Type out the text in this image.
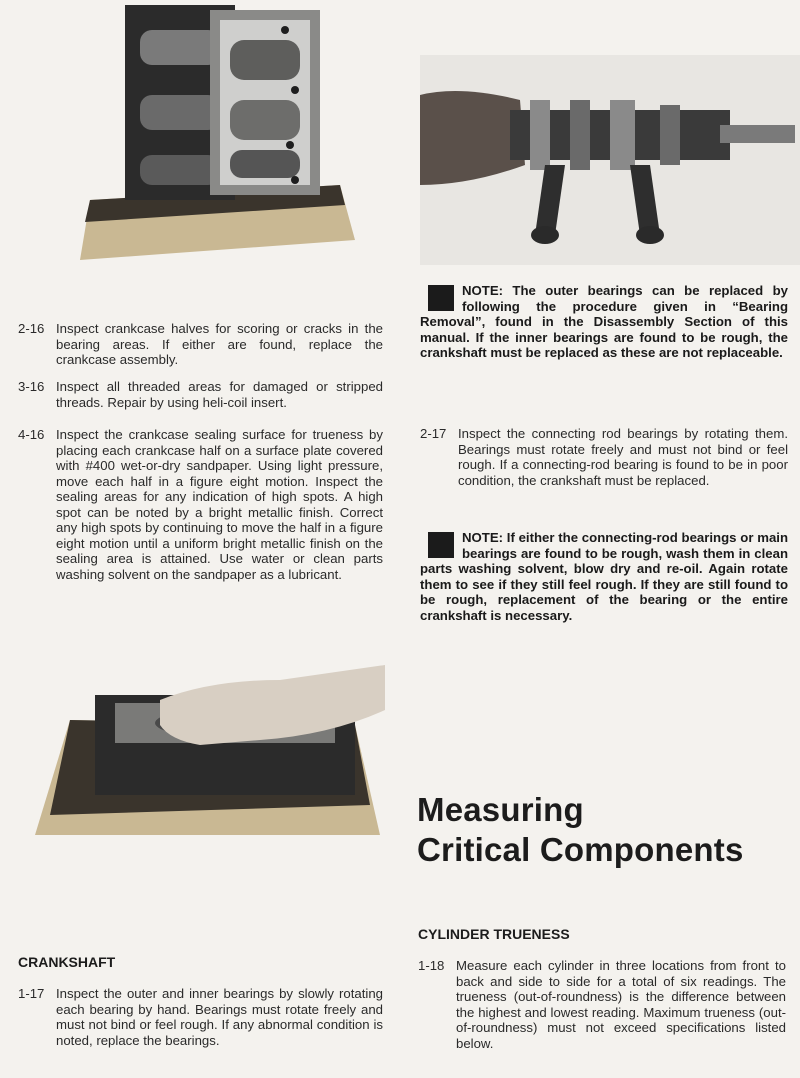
2-16 Inspect crankcase halves for scoring or cracks in the bearing areas. If either are found, replace the crankcase assembly.
3-16 Inspect all threaded areas for damaged or stripped threads. Repair by using heli-coil insert.
4-16 Inspect the crankcase sealing surface for trueness by placing each crankcase half on a surface plate covered with #400 wet-or-dry sandpaper. Using light pressure, move each half in a figure eight motion. Inspect the sealing areas for any indication of high spots. A high spot can be noted by a bright metallic finish. Correct any high spots by continuing to move the half in a figure eight motion until a uniform bright metallic finish on the sealing area is attained. Use water or clean parts washing solvent on the sandpaper as a lubricant.
NOTE: The outer bearings can be replaced by following the procedure given in “Bearing Removal”, found in the Disassembly Section of this manual. If the inner bearings are found to be rough, the crankshaft must be replaced as these are not replaceable.
2-17 Inspect the connecting rod bearings by rotating them. Bearings must rotate freely and must not bind or feel rough. If a connecting-rod bearing is found to be in poor condition, the crankshaft must be replaced.
NOTE: If either the connecting-rod bearings or main bearings are found to be rough, wash them in clean parts washing solvent, blow dry and re-oil. Again rotate them to see if they still feel rough. If they are still found to be rough, replacement of the bearing or the entire crankshaft is necessary.
Measuring
Critical Components
CRANKSHAFT
1-17 Inspect the outer and inner bearings by slowly rotating each bearing by hand. Bearings must rotate freely and must not bind or feel rough. If any abnormal condition is noted, replace the bearings.
CYLINDER TRUENESS
1-18 Measure each cylinder in three locations from front to back and side to side for a total of six readings. The trueness (out-of-roundness) is the difference between the highest and lowest reading. Maximum trueness (out-of-roundness) must not exceed specifications listed below.
